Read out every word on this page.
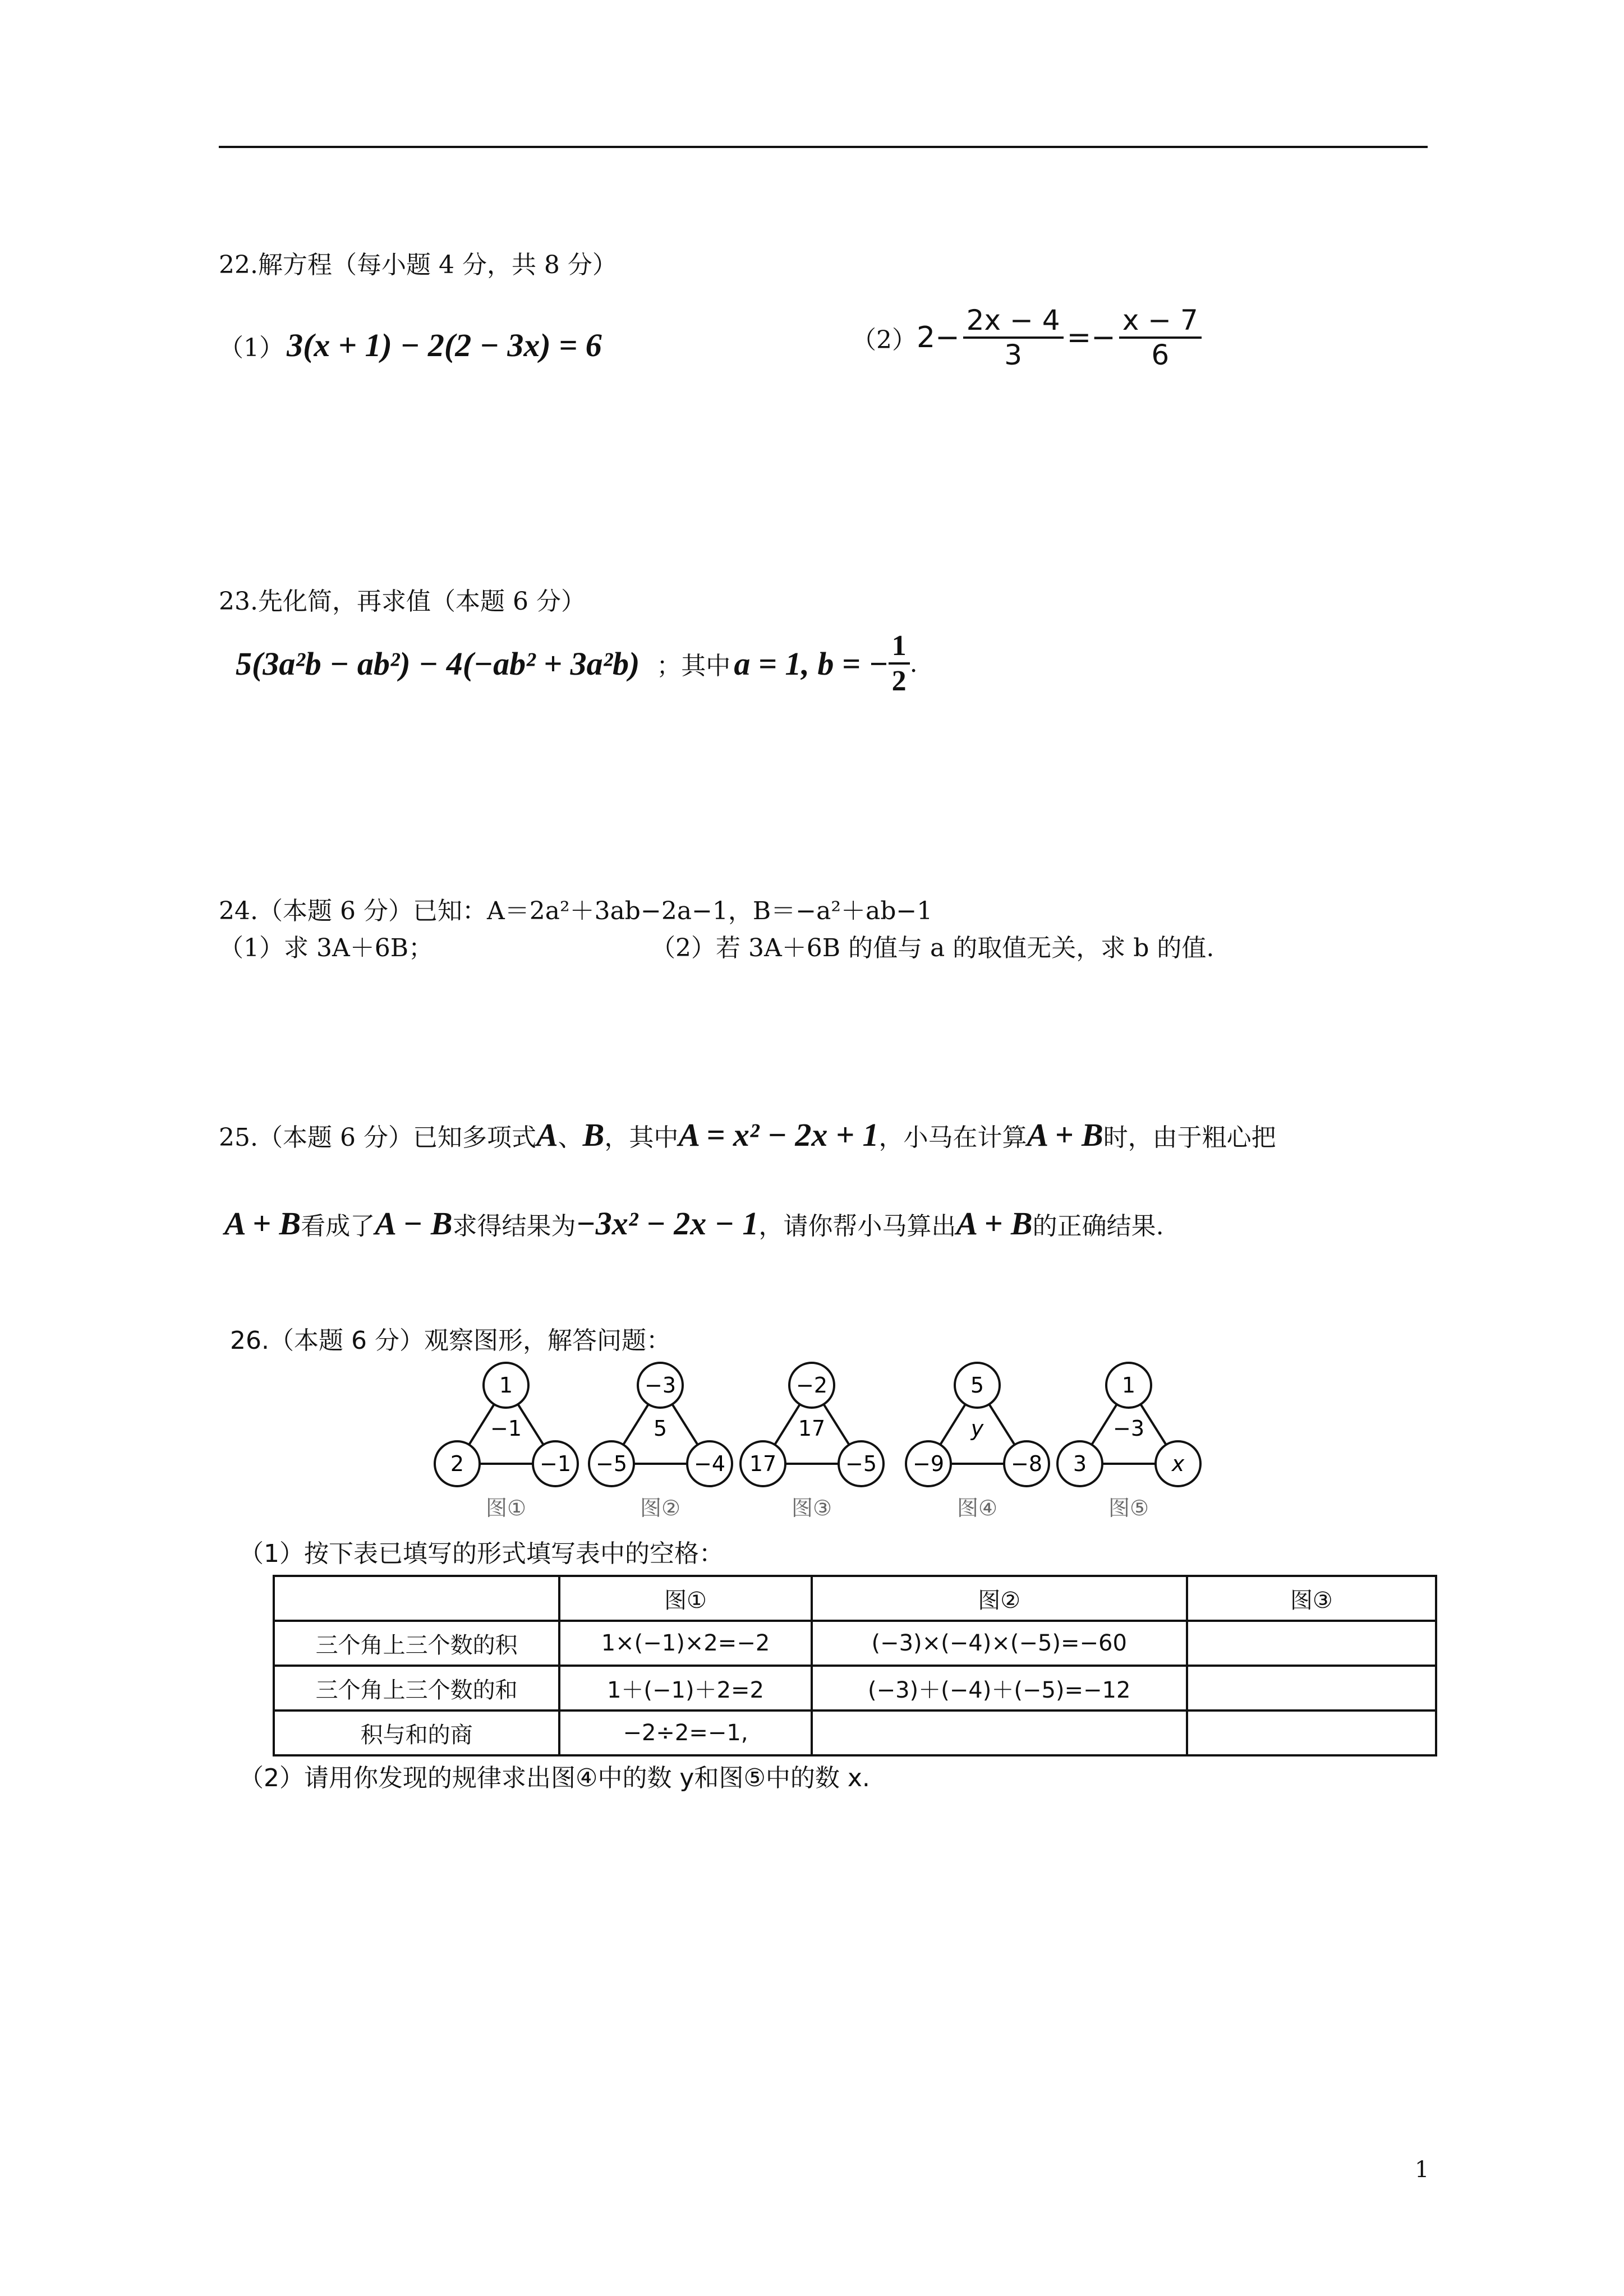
22.解方程（每小题 4 分，共 8 分）
（1） 3(x + 1) − 2(2 − 3x) = 6	（2） $2- \frac{2x - 4}{3} =- \frac{x - 7}{6}$
23.先化简，再求值（本题 6 分）
5(3a²b − ab²) − 4(−ab² + 3a²b) ；其中 a = 1, b = − $\frac{1}{2}$ .
24.（本题 6 分）已知：A＝2a²＋3ab−2a−1，B＝−a²＋ab−1
（1）求 3A＋6B；	（2）若 3A＋6B 的值与 a 的取值无关，求 b 的值.
25.（本题 6 分）已知多项式 A 、 B ，其中 A = x² − 2x + 1 ，小马在计算 A + B 时，由于粗心把
A + B 看成了 A − B 求得结果为 −3x² − 2x − 1 ，请你帮小马算出 A + B 的正确结果.
26.（本题 6 分）观察图形，解答问题：
1
−1
2	−1
图①
−3
5
−5	−4
图②
−2
17
17	−5
图③
5
y
−9	−8
图④
1
−3
3	x
图⑤
（1）按下表已填写的形式填写表中的空格：
	图①	图②	图③
三个角上三个数的积	1×(−1)×2=−2	(−3)×(−4)×(−5)=−60	
三个角上三个数的和	1＋(−1)＋2=2	(−3)＋(−4)＋(−5)=−12	
积与和的商	−2÷2=−1,		
（2）请用你发现的规律求出图④中的数 y和图⑤中的数 x.
1
